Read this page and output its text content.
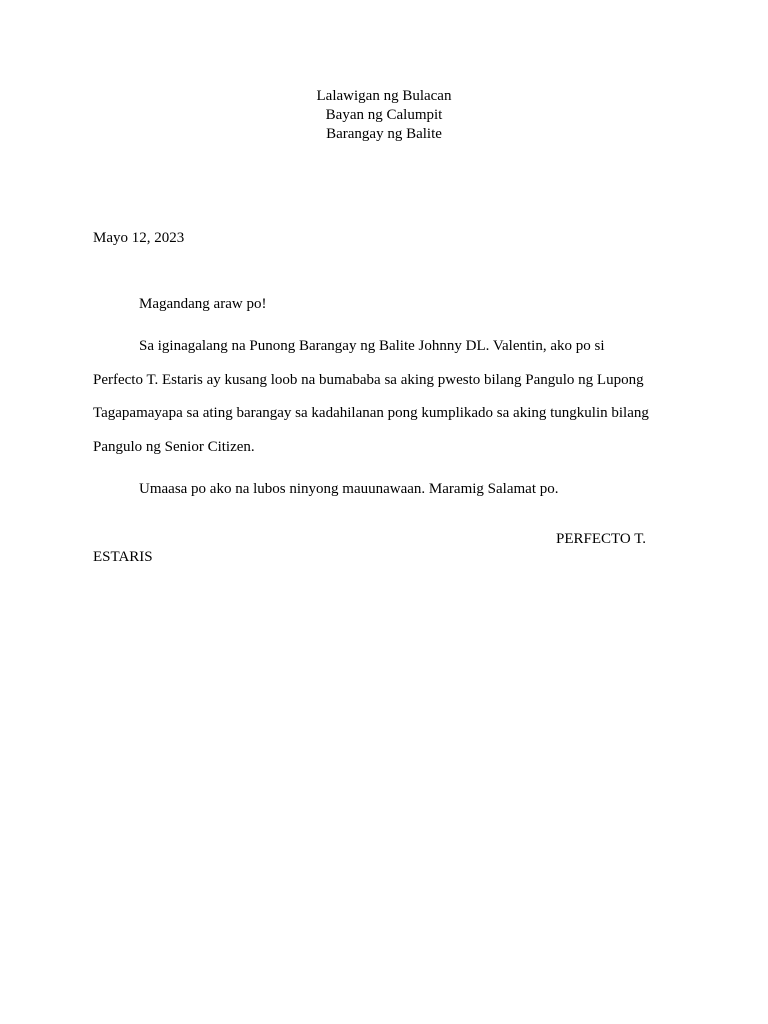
Lalawigan ng Bulacan
Bayan ng Calumpit
Barangay ng Balite
Mayo 12, 2023
Magandang araw po!
Sa iginagalang na Punong Barangay ng Balite Johnny DL. Valentin, ako po si
Perfecto T. Estaris ay kusang loob na bumababa sa aking pwesto bilang Pangulo ng Lupong
Tagapamayapa sa ating barangay sa kadahilanan pong kumplikado sa aking tungkulin bilang
Pangulo ng Senior Citizen.
Umaasa po ako na lubos ninyong mauunawaan. Maramig Salamat po.
PERFECTO T.
ESTARIS
